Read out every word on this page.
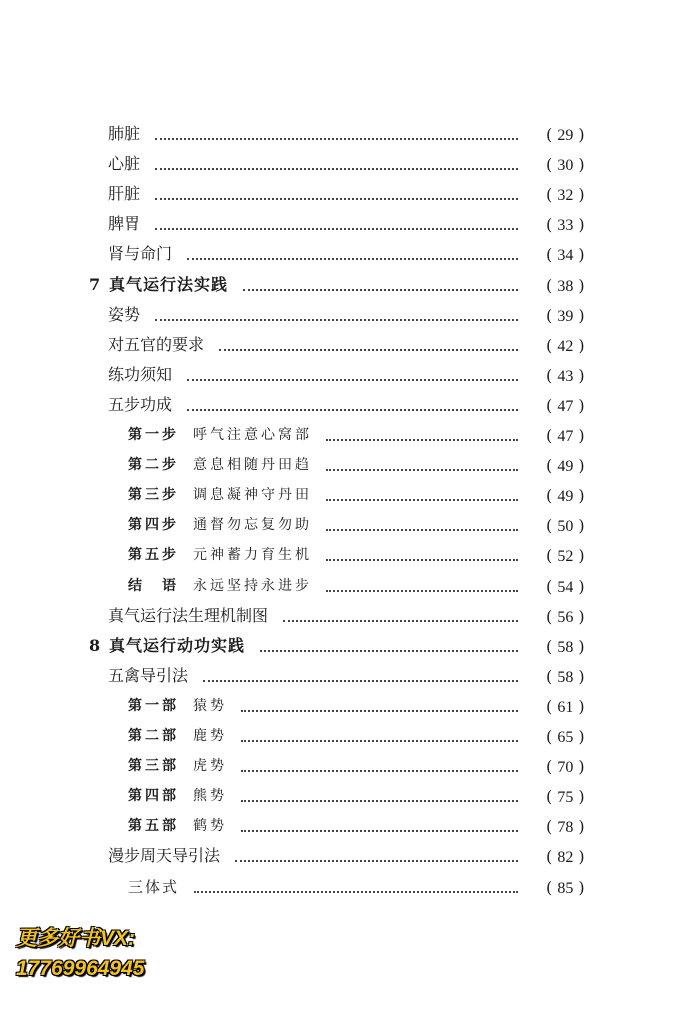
肺脏	( 29 )
心脏	( 30 )
肝脏	( 32 )
脾胃	( 33 )
肾与命门	( 34 )
7 真气运行法实践	( 38 )
姿势	( 39 )
对五官的要求	( 42 )
练功须知	( 43 )
五步功成	( 47 )
第一步 呼气注意心窝部	( 47 )
第二步 意息相随丹田趋	( 49 )
第三步 调息凝神守丹田	( 49 )
第四步 通督勿忘复勿助	( 50 )
第五步 元神蓄力育生机	( 52 )
结　语 永远坚持永进步	( 54 )
真气运行法生理机制图	( 56 )
8 真气运行动功实践	( 58 )
五禽导引法	( 58 )
第一部 猿势	( 61 )
第二部 鹿势	( 65 )
第三部 虎势	( 70 )
第四部 熊势	( 75 )
第五部 鹤势	( 78 )
漫步周天导引法	( 82 )
三体式	( 85 )
更多好书VX:
17769964945
